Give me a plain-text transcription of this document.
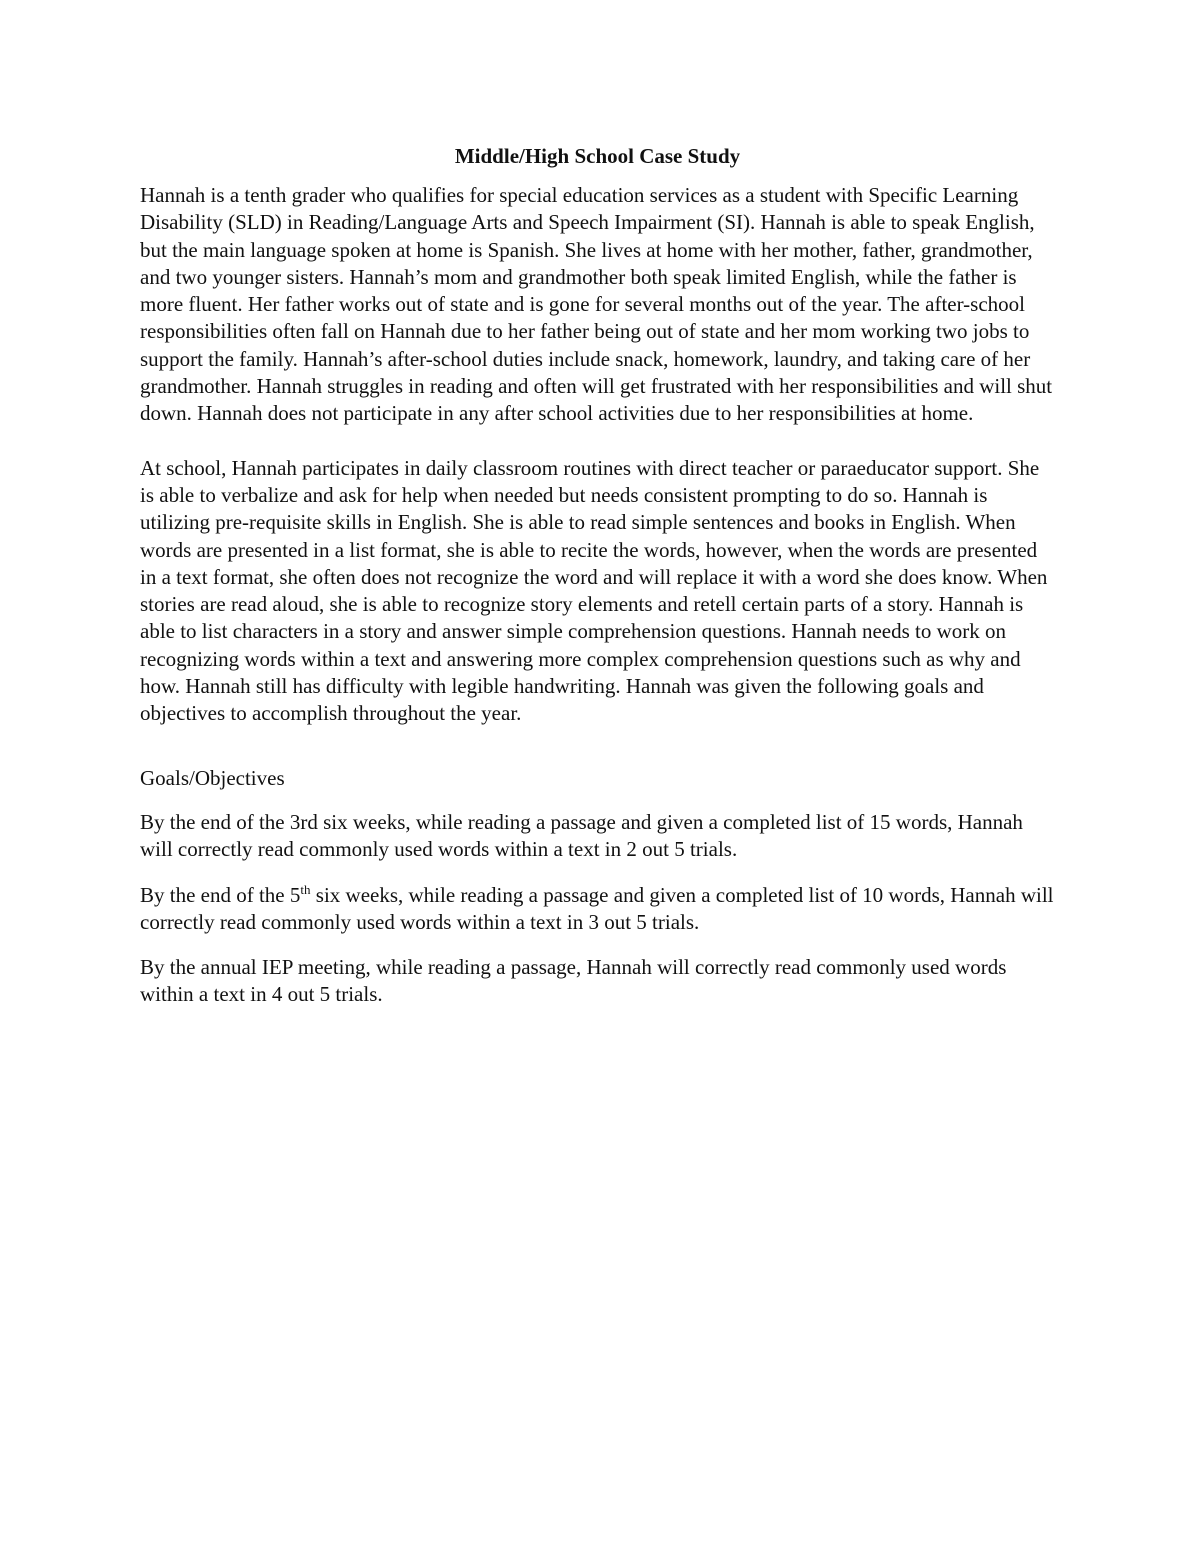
Middle/High School Case Study

Hannah is a tenth grader who qualifies for special education services as a student with Specific Learning Disability (SLD) in Reading/Language Arts and Speech Impairment (SI). Hannah is able to speak English, but the main language spoken at home is Spanish. She lives at home with her mother, father, grandmother, and two younger sisters. Hannah’s mom and grandmother both speak limited English, while the father is more fluent. Her father works out of state and is gone for several months out of the year. The after-school responsibilities often fall on Hannah due to her father being out of state and her mom working two jobs to support the family. Hannah’s after-school duties include snack, homework, laundry, and taking care of her grandmother. Hannah struggles in reading and often will get frustrated with her responsibilities and will shut down. Hannah does not participate in any after school activities due to her responsibilities at home.

At school, Hannah participates in daily classroom routines with direct teacher or paraeducator support. She is able to verbalize and ask for help when needed but needs consistent prompting to do so. Hannah is utilizing pre-requisite skills in English. She is able to read simple sentences and books in English. When words are presented in a list format, she is able to recite the words, however, when the words are presented in a text format, she often does not recognize the word and will replace it with a word she does know. When stories are read aloud, she is able to recognize story elements and retell certain parts of a story. Hannah is able to list characters in a story and answer simple comprehension questions. Hannah needs to work on recognizing words within a text and answering more complex comprehension questions such as why and how. Hannah still has difficulty with legible handwriting. Hannah was given the following goals and objectives to accomplish throughout the year.

Goals/Objectives

By the end of the 3rd six weeks, while reading a passage and given a completed list of 15 words, Hannah will correctly read commonly used words within a text in 2 out 5 trials.

By the end of the 5th six weeks, while reading a passage and given a completed list of 10 words, Hannah will correctly read commonly used words within a text in 3 out 5 trials.

By the annual IEP meeting, while reading a passage, Hannah will correctly read commonly used words within a text in 4 out 5 trials.
